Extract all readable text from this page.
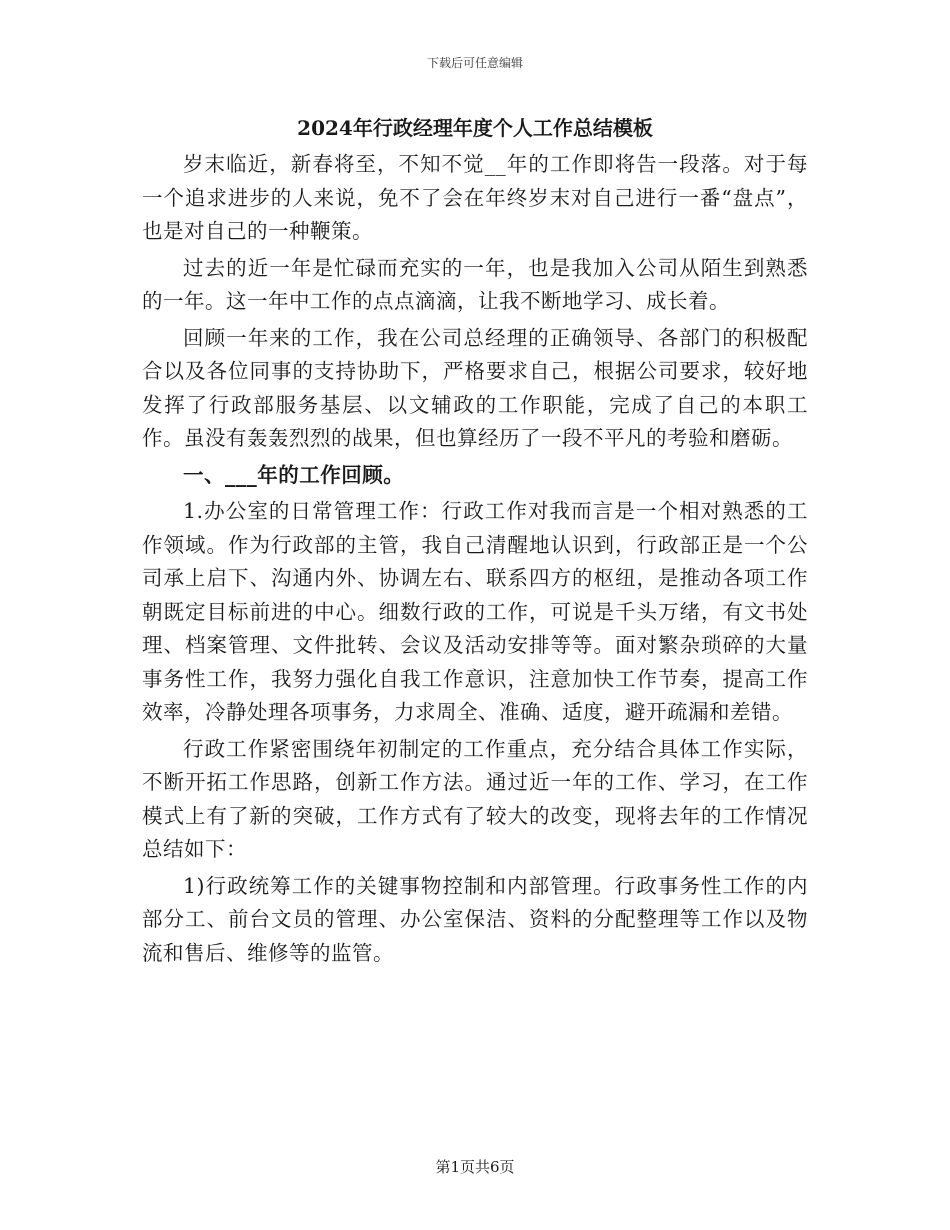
下载后可任意编辑
2024年行政经理年度个人工作总结模板

岁末临近，新春将至，不知不觉__年的工作即将告一段落。对于每一个追求进步的人来说，免不了会在年终岁末对自己进行一番“盘点”，也是对自己的一种鞭策。

过去的近一年是忙碌而充实的一年，也是我加入公司从陌生到熟悉的一年。这一年中工作的点点滴滴，让我不断地学习、成长着。

回顾一年来的工作，我在公司总经理的正确领导、各部门的积极配合以及各位同事的支持协助下，严格要求自己，根据公司要求，较好地发挥了行政部服务基层、以文辅政的工作职能，完成了自己的本职工作。虽没有轰轰烈烈的战果，但也算经历了一段不平凡的考验和磨砺。

一、___年的工作回顾。

1.办公室的日常管理工作：行政工作对我而言是一个相对熟悉的工作领域。作为行政部的主管，我自己清醒地认识到，行政部正是一个公司承上启下、沟通内外、协调左右、联系四方的枢纽，是推动各项工作朝既定目标前进的中心。细数行政的工作，可说是千头万绪，有文书处理、档案管理、文件批转、会议及活动安排等等。面对繁杂琐碎的大量事务性工作，我努力强化自我工作意识，注意加快工作节奏，提高工作效率，冷静处理各项事务，力求周全、准确、适度，避开疏漏和差错。

行政工作紧密围绕年初制定的工作重点，充分结合具体工作实际，不断开拓工作思路，创新工作方法。通过近一年的工作、学习，在工作模式上有了新的突破，工作方式有了较大的改变，现将去年的工作情况总结如下：

1)行政统筹工作的关键事物控制和内部管理。行政事务性工作的内部分工、前台文员的管理、办公室保洁、资料的分配整理等工作以及物流和售后、维修等的监管。

第1页共6页
